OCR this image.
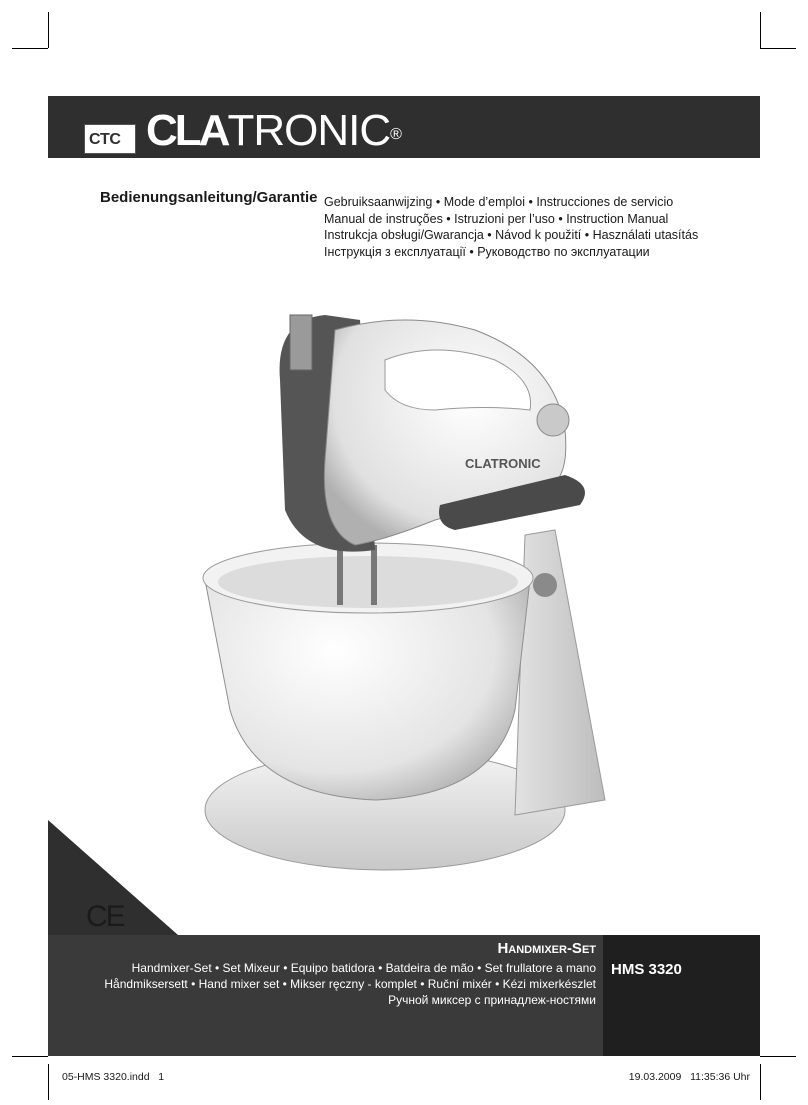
CTC CLATRONIC®
Bedienungsanleitung/Garantie Gebruiksaanwijzing • Mode d’emploi • Instrucciones de servicio
Manual de instruções • Istruzioni per l’uso • Instruction Manual
Instrukcja obsługi/Gwarancja • Návod k použití • Használati utasítás
Інструкція з експлуатації • Руководство по эксплуатации
CLATRONIC
CE
Handmixer-Set
Handmixer-Set • Set Mixeur • Equipo batidora • Batdeira de mão • Set frullatore a mano
Håndmiksersett • Hand mixer set • Mikser ręczny - komplet • Ruční mixér • Kézi mixerkészlet
Ручной миксер с принадлеж-ностями
HMS 3320
05-HMS 3320.indd   1	19.03.2009   11:35:36 Uhr
